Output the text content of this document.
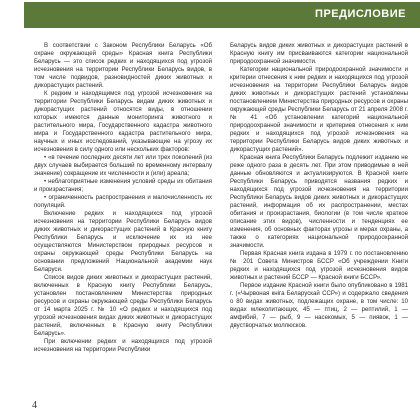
ПРЕДИСЛОВИЕ

В соответствии с Законом Республики Беларусь «Об охране окружающей среды» Красная книга Республики Беларусь — это список редких и находящихся под угрозой исчезновения на территории Республики Беларусь видов, в том числе подвидов, разновидностей диких животных и дикорастущих растений.

К редким и находящимся под угрозой исчезновения на территории Республики Беларусь видам диких животных и дикорастущих растений относятся виды, в отношении которых имеются данные мониторинга животного и растительного мира, Государственного кадастра животного мира и Государственного кадастра растительного мира, научных и иных исследований, указывающие на угрозу их исчезновения в силу одного или нескольких факторов:

• «в течение последних десяти лет или трех поколений (из двух случаев выбирается больший по временному интервалу значение) сокращение их численности и (или) ареала;

• неблагоприятные изменения условий среды их обитания и произрастания;

• ограниченность распространения и малочисленность их популяций.

Включение редких и находящихся под угрозой исчезновения на территории Республики Беларусь видов диких животных и дикорастущих растений в Красную книгу Республики Беларусь и исключение их из нее осуществляются Министерством природных ресурсов и охраны окружающей среды Республики Беларусь на основании предложений Национальной академии наук Беларуси.

Список видов диких животных и дикорастущих растений, включенных в Красную книгу Республики Беларусь, установлен постановлением Министерства природных ресурсов и охраны окружающей среды Республики Беларусь от 14 марта 2025 г. № 10 «О редких и находящихся под угрозой исчезновения видах диких животных и дикорастущих растений, включенных в Красную книгу Республики Беларусь».

При включении редких и находящихся под угрозой исчезновения на территории Республики

Беларусь видов диких животных и дикорастущих растений в Красную книгу им присваиваются категории национальной природоохранной значимости.

Категории национальной природоохранной значимости и критерии отнесения к ним редких и находящихся под угрозой исчезновения на территории Республики Беларусь видов диких животных и дикорастущих растений установлены постановлением Министерства природных ресурсов и охраны окружающей среды Республики Беларусь от 21 апреля 2008 г. № 41 «Об установлении категорий национальной природоохранной значимости и критериев отнесения к ним редких и находящихся под угрозой исчезновения на территории Республики Беларусь видов диких животных и дикорастущих растений».

Красная книга Республики Беларусь подлежит изданию не реже одного раза в десять лет. При этом приводимые в ней данные обновляются и актуализируются. В Красной книге Республики Беларусь приводятся названия редких и находящихся под угрозой исчезновения на территории Республики Беларусь видов диких животных и дикорастущих растений, информация об их распространении, местах обитания и произрастания, биологии (в том числе краткое описание этих видов), численности и тенденциях ее изменения, об основных факторах угрозы и мерах охраны, а также о категориях национальной природоохранной значимости.

Первая Красная книга издана в 1979 г. по постановлению № 201 Совета Министров БССР «Об учреждении Книги редких и находящихся под угрозой исчезновения видов животных и растений БССР — Красной книги БССР».

Первое издание Красной книги было опубликовано в 1981 г. («Чырвоная кніга Беларускай ССР») и содержало сведения о 80 видах животных, подлежащих охране, в том числе: 10 видах млекопитающих, 45 — птиц, 2 — рептилий, 1 — амфибий, 7 — рыб, 9 — насекомых, 5 — пиявок, 1 — двустворчатых моллюсков.

4
